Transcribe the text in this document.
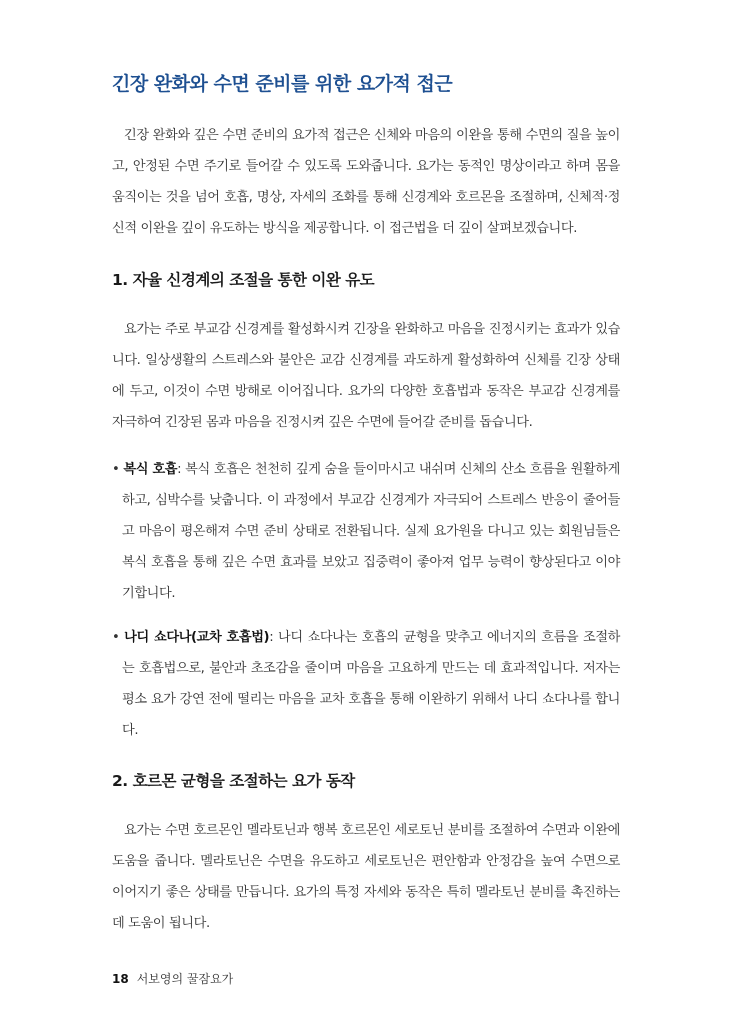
긴장 완화와 수면 준비를 위한 요가적 접근

긴장 완화와 깊은 수면 준비의 요가적 접근은 신체와 마음의 이완을 통해 수면의 질을 높이고, 안정된 수면 주기로 들어갈 수 있도록 도와줍니다. 요가는 동적인 명상이라고 하며 몸을 움직이는 것을 넘어 호흡, 명상, 자세의 조화를 통해 신경계와 호르몬을 조절하며, 신체적·정신적 이완을 깊이 유도하는 방식을 제공합니다. 이 접근법을 더 깊이 살펴보겠습니다.

1. 자율 신경계의 조절을 통한 이완 유도

요가는 주로 부교감 신경계를 활성화시켜 긴장을 완화하고 마음을 진정시키는 효과가 있습니다. 일상생활의 스트레스와 불안은 교감 신경계를 과도하게 활성화하여 신체를 긴장 상태에 두고, 이것이 수면 방해로 이어집니다. 요가의 다양한 호흡법과 동작은 부교감 신경계를 자극하여 긴장된 몸과 마음을 진정시켜 깊은 수면에 들어갈 준비를 돕습니다.

• 복식 호흡: 복식 호흡은 천천히 깊게 숨을 들이마시고 내쉬며 신체의 산소 흐름을 원활하게 하고, 심박수를 낮춥니다. 이 과정에서 부교감 신경계가 자극되어 스트레스 반응이 줄어들고 마음이 평온해져 수면 준비 상태로 전환됩니다. 실제 요가원을 다니고 있는 회원님들은 복식 호흡을 통해 깊은 수면 효과를 보았고 집중력이 좋아져 업무 능력이 향상된다고 이야기합니다.
• 나디 쇼다나(교차 호흡법): 나디 쇼다나는 호흡의 균형을 맞추고 에너지의 흐름을 조절하는 호흡법으로, 불안과 초조감을 줄이며 마음을 고요하게 만드는 데 효과적입니다. 저자는 평소 요가 강연 전에 떨리는 마음을 교차 호흡을 통해 이완하기 위해서 나디 쇼다나를 합니다.
2. 호르몬 균형을 조절하는 요가 동작

요가는 수면 호르몬인 멜라토닌과 행복 호르몬인 세로토닌 분비를 조절하여 수면과 이완에 도움을 줍니다. 멜라토닌은 수면을 유도하고 세로토닌은 편안함과 안정감을 높여 수면으로 이어지기 좋은 상태를 만듭니다. 요가의 특정 자세와 동작은 특히 멜라토닌 분비를 촉진하는 데 도움이 됩니다.

18 서보영의 꿀잠요가
